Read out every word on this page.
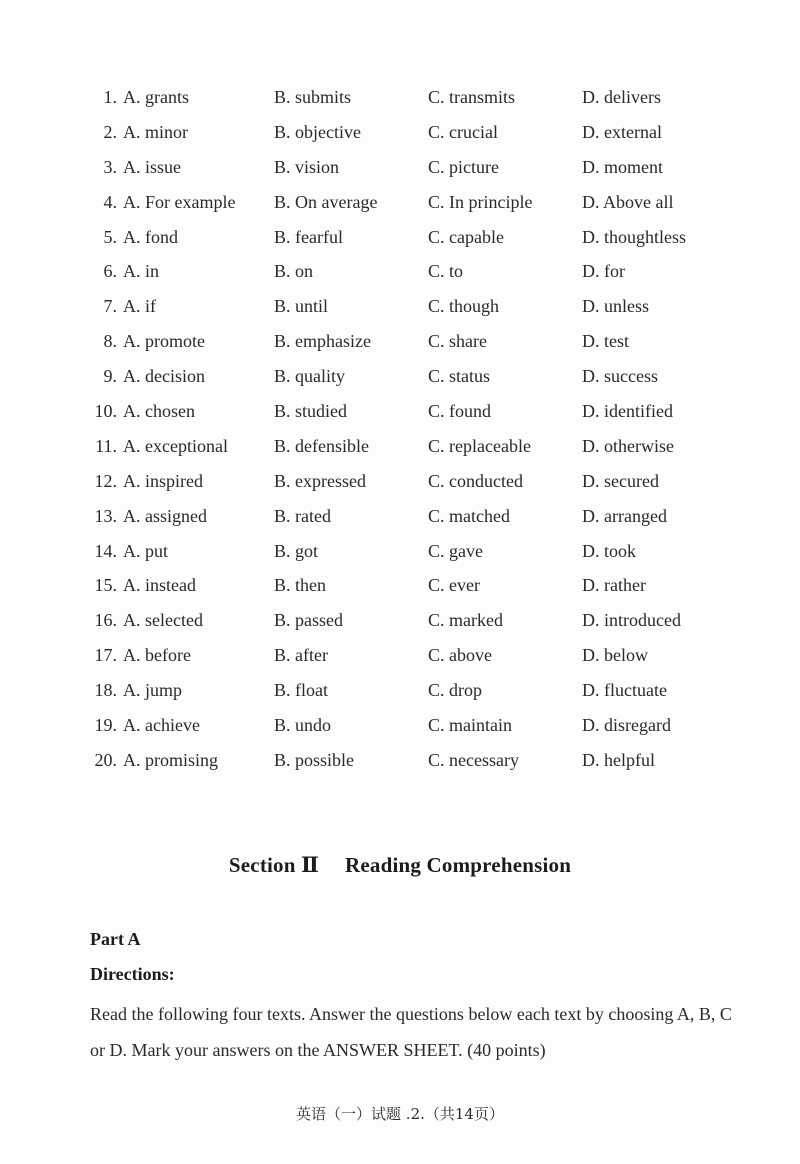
1. A. grants	B. submits	C. transmits	D. delivers
2. A. minor	B. objective	C. crucial	D. external
3. A. issue	B. vision	C. picture	D. moment
4. A. For example B. On average	C. In principle	D. Above all
5. A. fond	B. fearful	C. capable	D. thoughtless
6. A. in	B. on	C. to	D. for
7. A. if	B. until	C. though	D. unless
8. A. promote	B. emphasize	C. share	D. test
9. A. decision	B. quality	C. status	D. success
10. A. chosen	B. studied	C. found	D. identified
11. A. exceptional	B. defensible	C. replaceable	D. otherwise
12. A. inspired	B. expressed	C. conducted	D. secured
13. A. assigned	B. rated	C. matched	D. arranged
14. A. put	B. got	C. gave	D. took
15. A. instead	B. then	C. ever	D. rather
16. A. selected	B. passed	C. marked	D. introduced
17. A. before	B. after	C. above	D. below
18. A. jump	B. float	C. drop	D. fluctuate
19. A. achieve	B. undo	C. maintain	D. disregard
20. A. promising	B. possible	C. necessary	D. helpful
Section Ⅱ Reading Comprehension
Part A
Directions:
Read the following four texts. Answer the questions below each text by choosing A, B, C or D. Mark your answers on the ANSWER SHEET. (40 points)
英语（一）试题 .2.（共14页）
